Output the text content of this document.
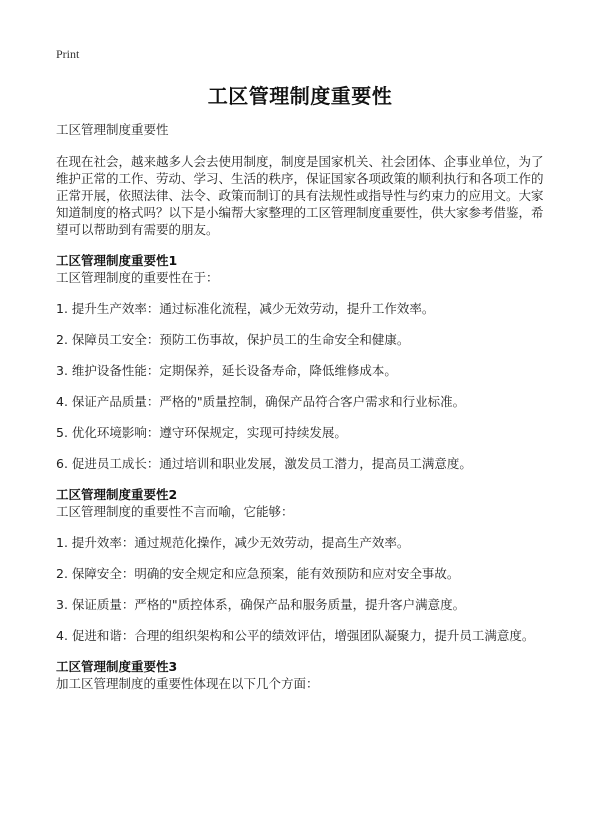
Print
工区管理制度重要性

工区管理制度重要性

在现在社会，越来越多人会去使用制度，制度是国家机关、社会团体、企事业单位，为了维护正常的工作、劳动、学习、生活的秩序，保证国家各项政策的顺利执行和各项工作的正常开展，依照法律、法令、政策而制订的具有法规性或指导性与约束力的应用文。大家知道制度的格式吗？以下是小编帮大家整理的工区管理制度重要性，供大家参考借鉴，希望可以帮助到有需要的朋友。

工区管理制度重要性1

工区管理制度的重要性在于：

1. 提升生产效率：通过标准化流程，减少无效劳动，提升工作效率。

2. 保障员工安全：预防工伤事故，保护员工的生命安全和健康。

3. 维护设备性能：定期保养，延长设备寿命，降低维修成本。

4. 保证产品质量：严格的"质量控制，确保产品符合客户需求和行业标准。

5. 优化环境影响：遵守环保规定，实现可持续发展。

6. 促进员工成长：通过培训和职业发展，激发员工潜力，提高员工满意度。

工区管理制度重要性2

工区管理制度的重要性不言而喻，它能够：

1. 提升效率：通过规范化操作，减少无效劳动，提高生产效率。

2. 保障安全：明确的安全规定和应急预案，能有效预防和应对安全事故。

3. 保证质量：严格的"质控体系，确保产品和服务质量，提升客户满意度。

4. 促进和谐：合理的组织架构和公平的绩效评估，增强团队凝聚力，提升员工满意度。

工区管理制度重要性3

加工区管理制度的重要性体现在以下几个方面：
